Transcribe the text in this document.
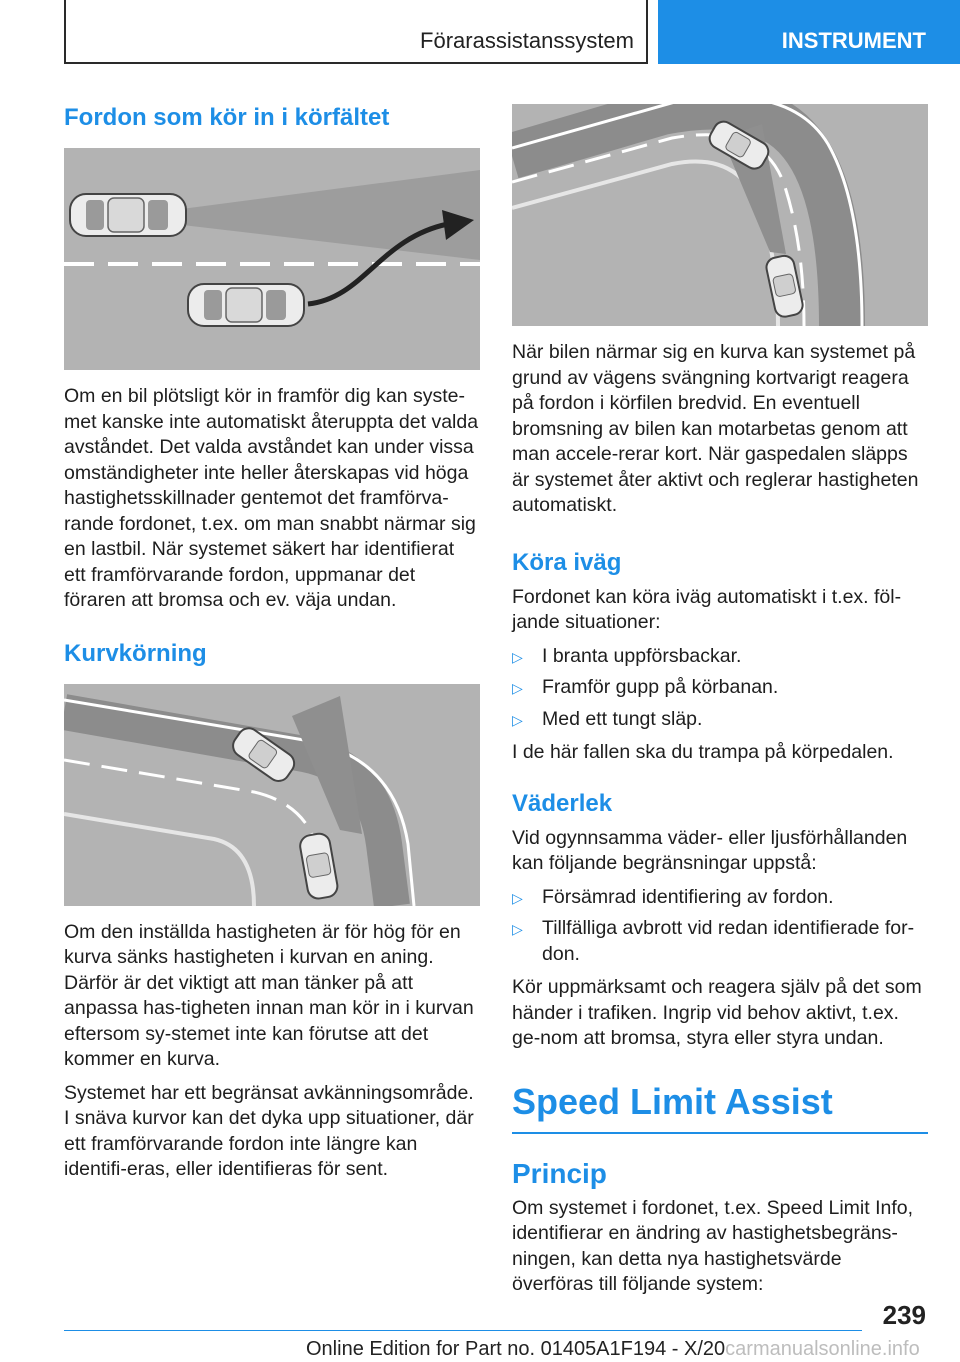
Förarassistanssystem	INSTRUMENT
Fordon som kör in i körfältet

Om en bil plötsligt kör in framför dig kan syste-met kanske inte automatiskt återuppta det valda avståndet. Det valda avståndet kan under vissa omständigheter inte heller återskapas vid höga hastighetsskillnader gentemot det framförva-rande fordonet, t.ex. om man snabbt närmar sig en lastbil. När systemet säkert har identifierat ett framförvarande fordon, uppmanar det föraren att bromsa och ev. väja undan.

Kurvkörning

Om den inställda hastigheten är för hög för en kurva sänks hastigheten i kurvan en aning. Därför är det viktigt att man tänker på att anpassa has-tigheten innan man kör in i kurvan eftersom sy-stemet inte kan förutse att det kommer en kurva.

Systemet har ett begränsat avkänningsområde. I snäva kurvor kan det dyka upp situationer, där ett framförvarande fordon inte längre kan identifi-eras, eller identifieras för sent.

När bilen närmar sig en kurva kan systemet på grund av vägens svängning kortvarigt reagera på fordon i körfilen bredvid. En eventuell bromsning av bilen kan motarbetas genom att man accele-rerar kort. När gaspedalen släpps är systemet åter aktivt och reglerar hastigheten automatiskt.

Köra iväg

Fordonet kan köra iväg automatiskt i t.ex. föl-jande situationer:

▷ I branta uppförsbackar.
▷ Framför gupp på körbanan.
▷ Med ett tungt släp.

I de här fallen ska du trampa på körpedalen.

Väderlek

Vid ogynnsamma väder- eller ljusförhållanden kan följande begränsningar uppstå:

▷ Försämrad identifiering av fordon.
▷ Tillfälliga avbrott vid redan identifierade for-don.

Kör uppmärksamt och reagera själv på det som händer i trafiken. Ingrip vid behov aktivt, t.ex. ge-nom att bromsa, styra eller styra undan.

Speed Limit Assist
Princip

Om systemet i fordonet, t.ex. Speed Limit Info, identifierar en ändring av hastighetsbegräns-ningen, kan detta nya hastighetsvärde överföras till följande system:

239
Online Edition for Part no. 01405A1F194 - X/20carmanualsonline.info
